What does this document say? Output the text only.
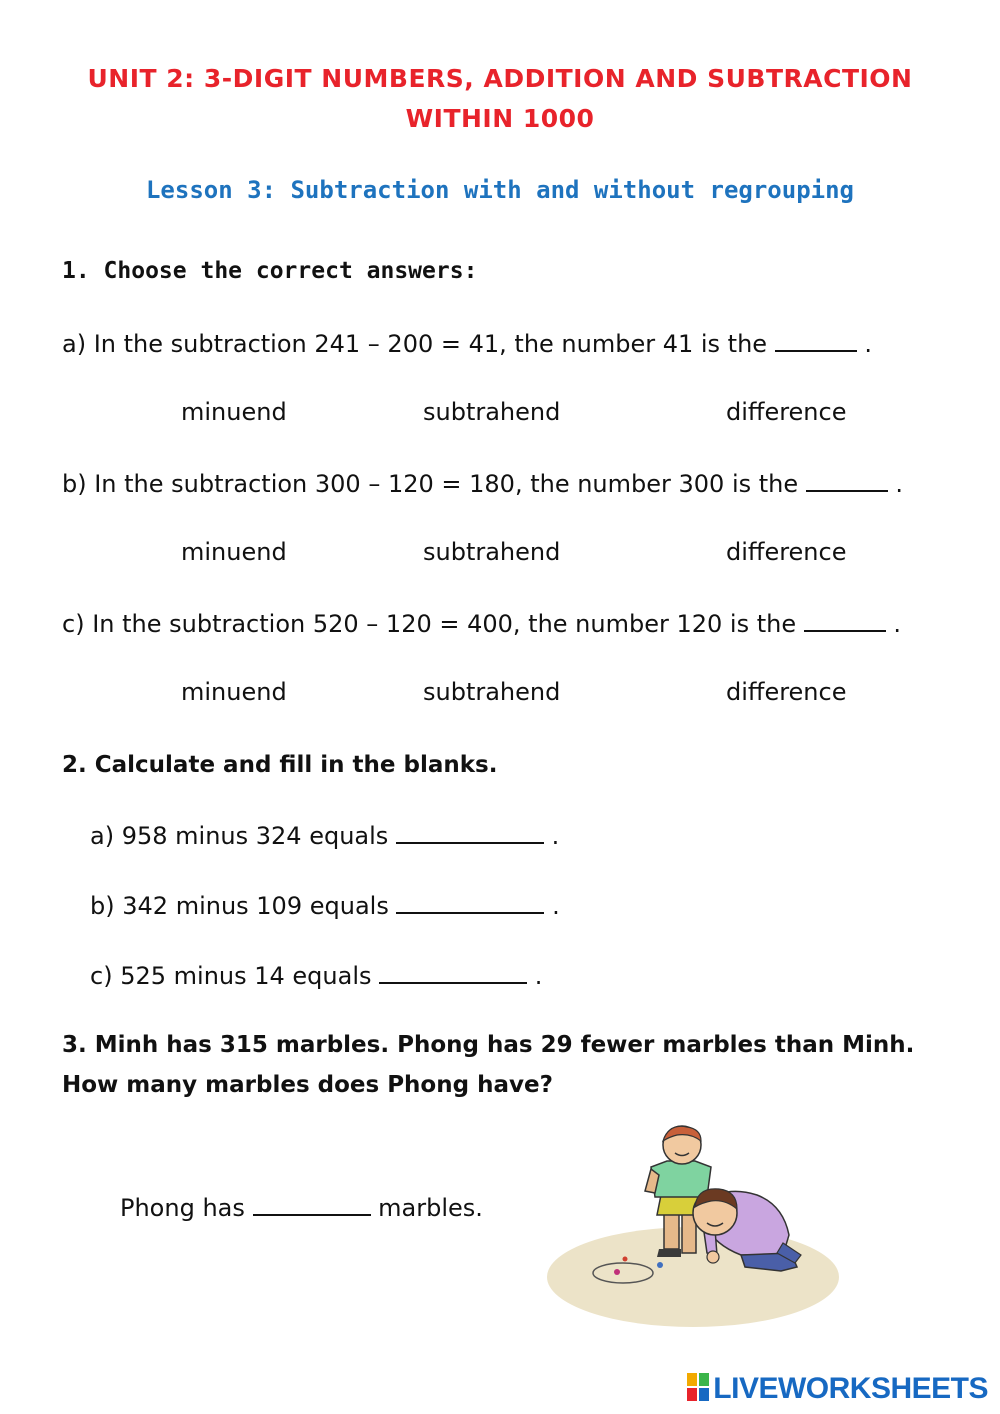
UNIT 2: 3-DIGIT NUMBERS, ADDITION AND SUBTRACTION
WITHIN 1000
Lesson 3: Subtraction with and without regrouping
1. Choose the correct answers:
a) In the subtraction 241 – 200 = 41, the number 41 is the	.
minuend	subtrahend	difference
b) In the subtraction 300 – 120 = 180, the number 300 is the	.
minuend	subtrahend	difference
c) In the subtraction 520 – 120 = 400, the number 120 is the	.
minuend	subtrahend	difference
2. Calculate and fill in the blanks.
a) 958 minus 324 equals	.
b) 342 minus 109 equals	.
c) 525 minus 14 equals	.
3. Minh has 315 marbles. Phong has 29 fewer marbles than Minh.
How many marbles does Phong have?
Phong has	marbles.
LIVEWORKSHEETS
